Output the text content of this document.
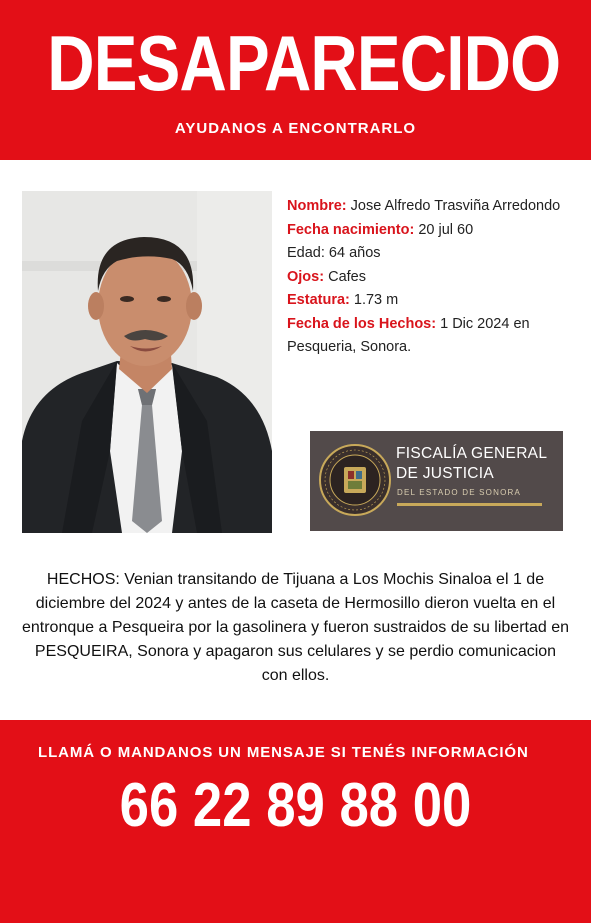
DESAPARECIDO
AYUDANOS A ENCONTRARLO
Nombre: Jose Alfredo Trasviña Arredondo
Fecha nacimiento: 20 jul 60
Edad: 64 años
Ojos: Cafes
Estatura: 1.73 m
Fecha de los Hechos: 1 Dic 2024 en Pesqueria, Sonora.
FISCALÍA GENERAL
DE JUSTICIA
DEL ESTADO DE SONORA
HECHOS: Venian transitando de Tijuana a Los Mochis Sinaloa el 1 de diciembre del 2024 y antes de la caseta de Hermosillo dieron vuelta en el entronque a Pesqueira por la gasolinera y fueron sustraidos de su libertad en PESQUEIRA, Sonora y apagaron sus celulares y se perdio comunicacion con ellos.
LLAMÁ O MANDANOS UN MENSAJE SI TENÉS INFORMACIÓN
66 22 89 88 00
